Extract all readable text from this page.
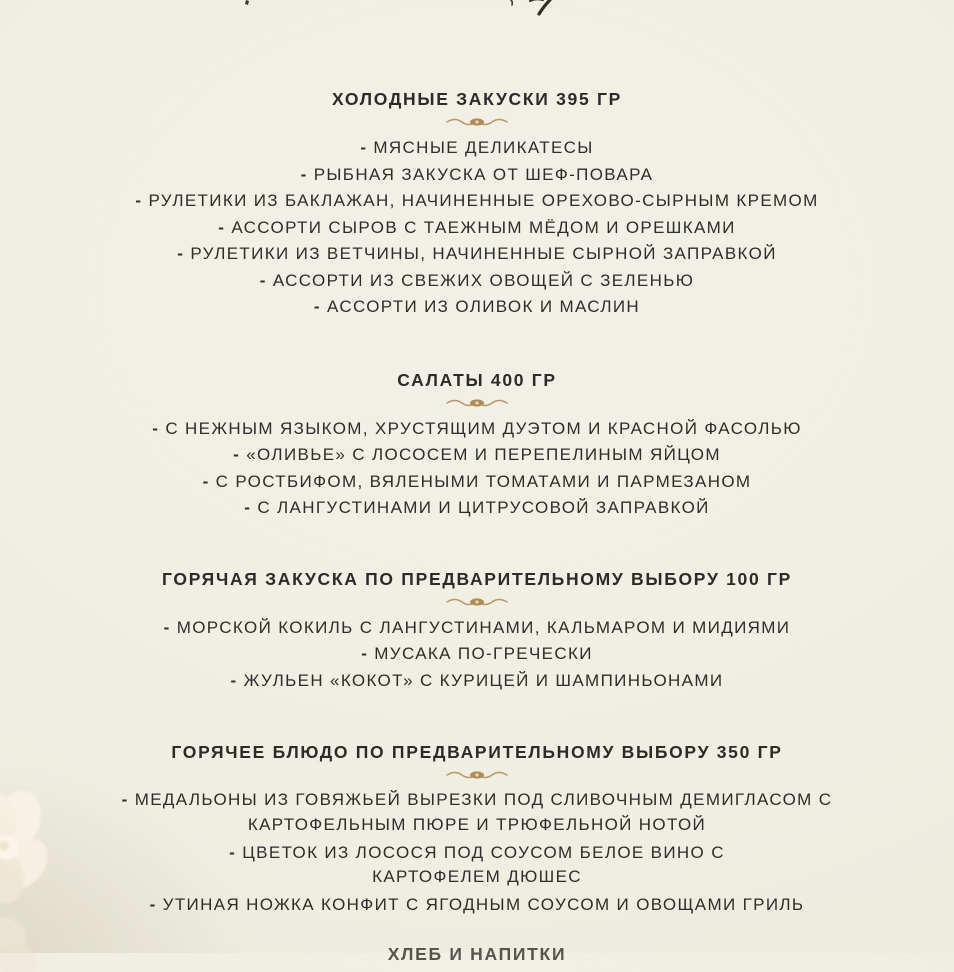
ХОЛОДНЫЕ ЗАКУСКИ 395 ГР
- МЯСНЫЕ ДЕЛИКАТЕСЫ
- РЫБНАЯ ЗАКУСКА ОТ ШЕФ-ПОВАРА
- РУЛЕТИКИ ИЗ БАКЛАЖАН, НАЧИНЕННЫЕ ОРЕХОВО-СЫРНЫМ КРЕМОМ
- АССОРТИ СЫРОВ С ТАЕЖНЫМ МЁДОМ И ОРЕШКАМИ
- РУЛЕТИКИ ИЗ ВЕТЧИНЫ, НАЧИНЕННЫЕ СЫРНОЙ ЗАПРАВКОЙ
- АССОРТИ ИЗ СВЕЖИХ ОВОЩЕЙ С ЗЕЛЕНЬЮ
- АССОРТИ ИЗ ОЛИВОК И МАСЛИН
САЛАТЫ 400 ГР
- С НЕЖНЫМ ЯЗЫКОМ, ХРУСТЯЩИМ ДУЭТОМ И КРАСНОЙ ФАСОЛЬЮ
- «ОЛИВЬЕ» С ЛОСОСЕМ И ПЕРЕПЕЛИНЫМ ЯЙЦОМ
- С РОСТБИФОМ, ВЯЛЕНЫМИ ТОМАТАМИ И ПАРМЕЗАНОМ
- С ЛАНГУСТИНАМИ И ЦИТРУСОВОЙ ЗАПРАВКОЙ
ГОРЯЧАЯ ЗАКУСКА ПО ПРЕДВАРИТЕЛЬНОМУ ВЫБОРУ 100 ГР
- МОРСКОЙ КОКИЛЬ С ЛАНГУСТИНАМИ, КАЛЬМАРОМ И МИДИЯМИ
- МУСАКА ПО-ГРЕЧЕСКИ
- ЖУЛЬЕН «КОКОТ» С КУРИЦЕЙ И ШАМПИНЬОНАМИ
ГОРЯЧЕЕ БЛЮДО ПО ПРЕДВАРИТЕЛЬНОМУ ВЫБОРУ 350 ГР
- МЕДАЛЬОНЫ ИЗ ГОВЯЖЬЕЙ ВЫРЕЗКИ ПОД СЛИВОЧНЫМ ДЕМИГЛАСОМ С
КАРТОФЕЛЬНЫМ ПЮРЕ И ТРЮФЕЛЬНОЙ НОТОЙ
- ЦВЕТОК ИЗ ЛОСОСЯ ПОД СОУСОМ БЕЛОЕ ВИНО С
КАРТОФЕЛЕМ ДЮШЕС
- УТИНАЯ НОЖКА КОНФИТ С ЯГОДНЫМ СОУСОМ И ОВОЩАМИ ГРИЛЬ
ХЛЕБ И НАПИТКИ
